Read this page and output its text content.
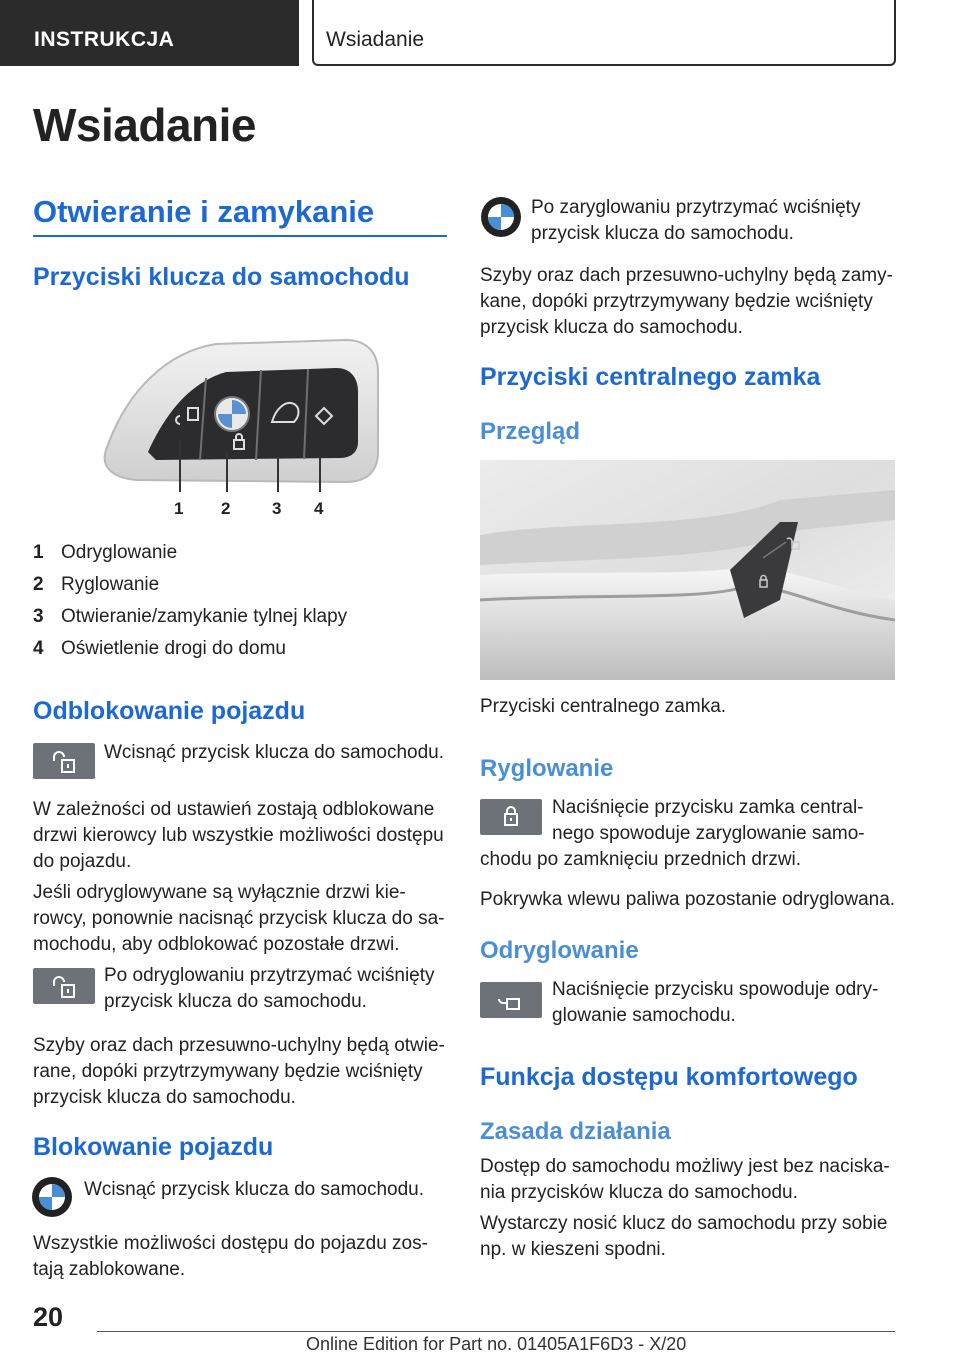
INSTRUKCJA	Wsiadanie
Wsiadanie
Otwieranie i zamykanie
Przyciski klucza do samochodu
1 2 3 4
1 Odryglowanie
2 Ryglowanie
3 Otwieranie/zamykanie tylnej klapy
4 Oświetlenie drogi do domu
Odblokowanie pojazdu
Wcisnąć przycisk klucza do samochodu.
W zależności od ustawień zostają odblokowane
drzwi kierowcy lub wszystkie możliwości dostępu
do pojazdu.
Jeśli odryglowywane są wyłącznie drzwi kie-
rowcy, ponownie nacisnąć przycisk klucza do sa-
mochodu, aby odblokować pozostałe drzwi.
Po odryglowaniu przytrzymać wciśnięty
przycisk klucza do samochodu.
Szyby oraz dach przesuwno-uchylny będą otwie-
rane, dopóki przytrzymywany będzie wciśnięty
przycisk klucza do samochodu.
Blokowanie pojazdu
Wcisnąć przycisk klucza do samochodu.
Wszystkie możliwości dostępu do pojazdu zos-
tają zablokowane.
Po zaryglowaniu przytrzymać wciśnięty
przycisk klucza do samochodu.
Szyby oraz dach przesuwno-uchylny będą zamy-
kane, dopóki przytrzymywany będzie wciśnięty
przycisk klucza do samochodu.
Przyciski centralnego zamka
Przegląd
Przyciski centralnego zamka.
Ryglowanie
Naciśnięcie przycisku zamka central-
nego spowoduje zaryglowanie samo-
chodu po zamknięciu przednich drzwi.
Pokrywka wlewu paliwa pozostanie odryglowana.
Odryglowanie
Naciśnięcie przycisku spowoduje odry-
glowanie samochodu.
Funkcja dostępu komfortowego
Zasada działania
Dostęp do samochodu możliwy jest bez naciska-
nia przycisków klucza do samochodu.
Wystarczy nosić klucz do samochodu przy sobie
np. w kieszeni spodni.
20
Online Edition for Part no. 01405A1F6D3 - X/20
